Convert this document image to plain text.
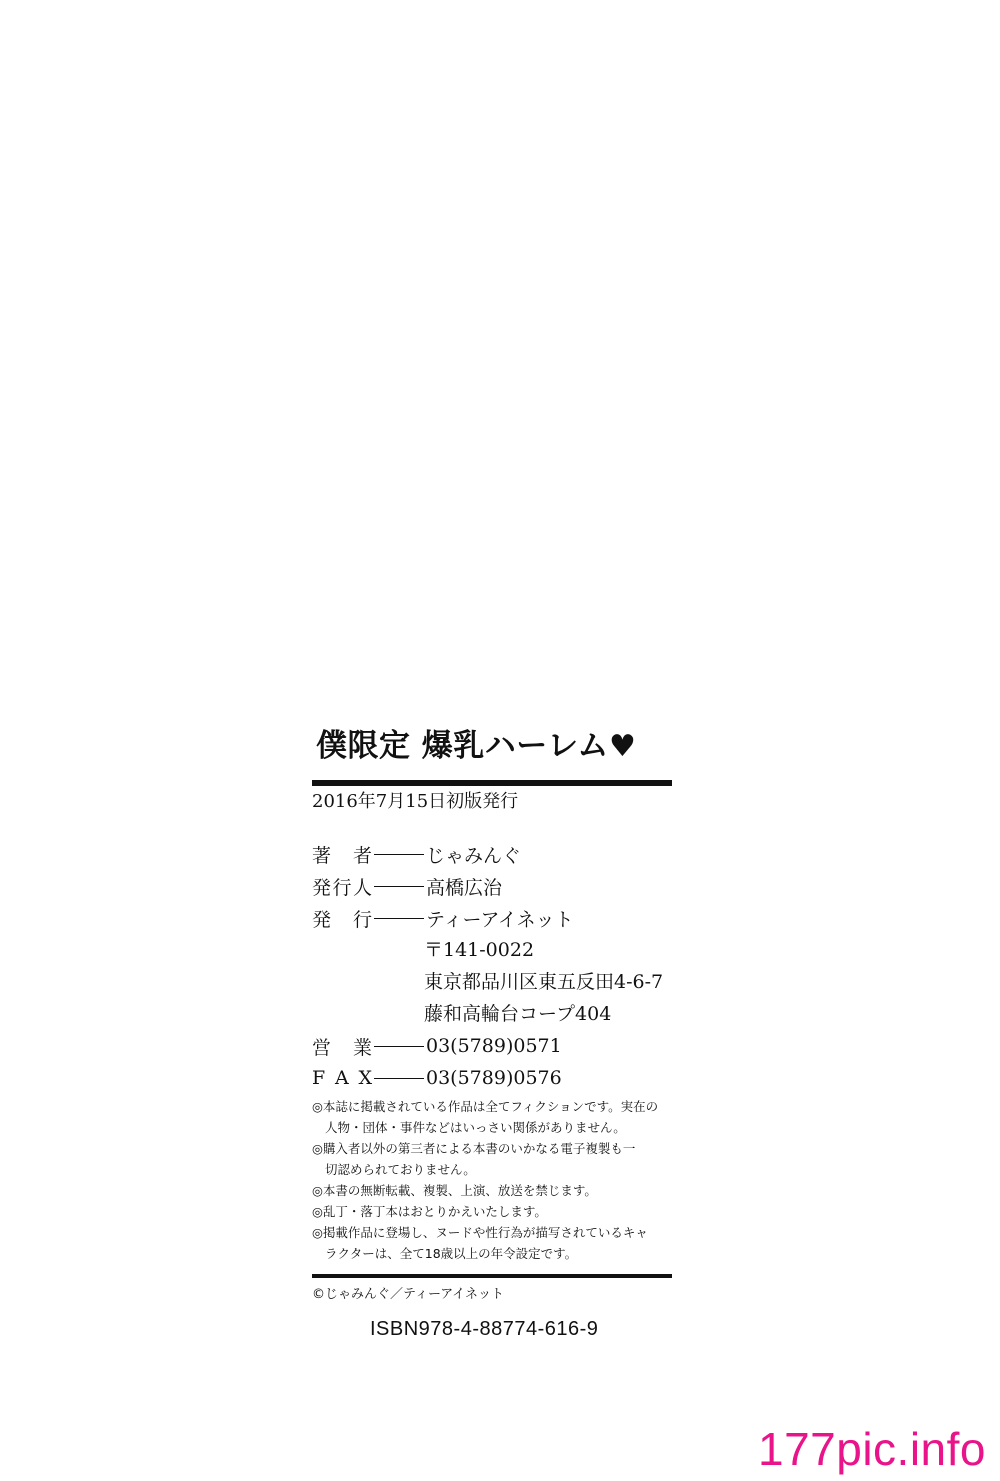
僕限定 爆乳ハーレム♥
2016年7月15日初版発行
著　者	じゃみんぐ
発行人	高橋広治
発　行	ティーアイネット
〒141-0022
東京都品川区東五反田4-6-7
藤和高輪台コープ404
営　業	03(5789)0571
F A X	03(5789)0576
◎本誌に掲載されている作品は全てフィクションです。実在の
人物・団体・事件などはいっさい関係がありません。
◎購入者以外の第三者による本書のいかなる電子複製も一
切認められておりません。
◎本書の無断転載、複製、上演、放送を禁じます。
◎乱丁・落丁本はおとりかえいたします。
◎掲載作品に登場し、ヌードや性行為が描写されているキャ
ラクターは、全て18歳以上の年令設定です。
©じゃみんぐ／ティーアイネット
ISBN978-4-88774-616-9
177pic.info
